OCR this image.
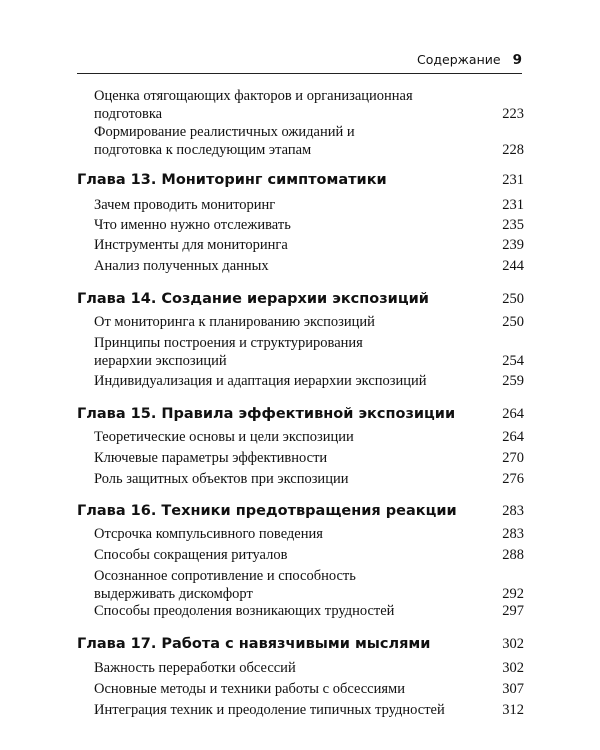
Содержание 9
Оценка отягощающих факторов и организационная подготовка	223
Формирование реалистичных ожиданий и подготовка к последующим этапам	228
Глава 13. Мониторинг симптоматики	231
Зачем проводить мониторинг	231
Что именно нужно отслеживать	235
Инструменты для мониторинга	239
Анализ полученных данных	244
Глава 14. Создание иерархии экспозиций	250
От мониторинга к планированию экспозиций	250
Принципы построения и структурирования иерархии экспозиций	254
Индивидуализация и адаптация иерархии экспозиций	259
Глава 15. Правила эффективной экспозиции	264
Теоретические основы и цели экспозиции	264
Ключевые параметры эффективности	270
Роль защитных объектов при экспозиции	276
Глава 16. Техники предотвращения реакции	283
Отсрочка компульсивного поведения	283
Способы сокращения ритуалов	288
Осознанное сопротивление и способность выдерживать дискомфорт	292
Способы преодоления возникающих трудностей	297
Глава 17. Работа с навязчивыми мыслями	302
Важность переработки обсессий	302
Основные методы и техники работы с обсессиями	307
Интеграция техник и преодоление типичных трудностей	312
